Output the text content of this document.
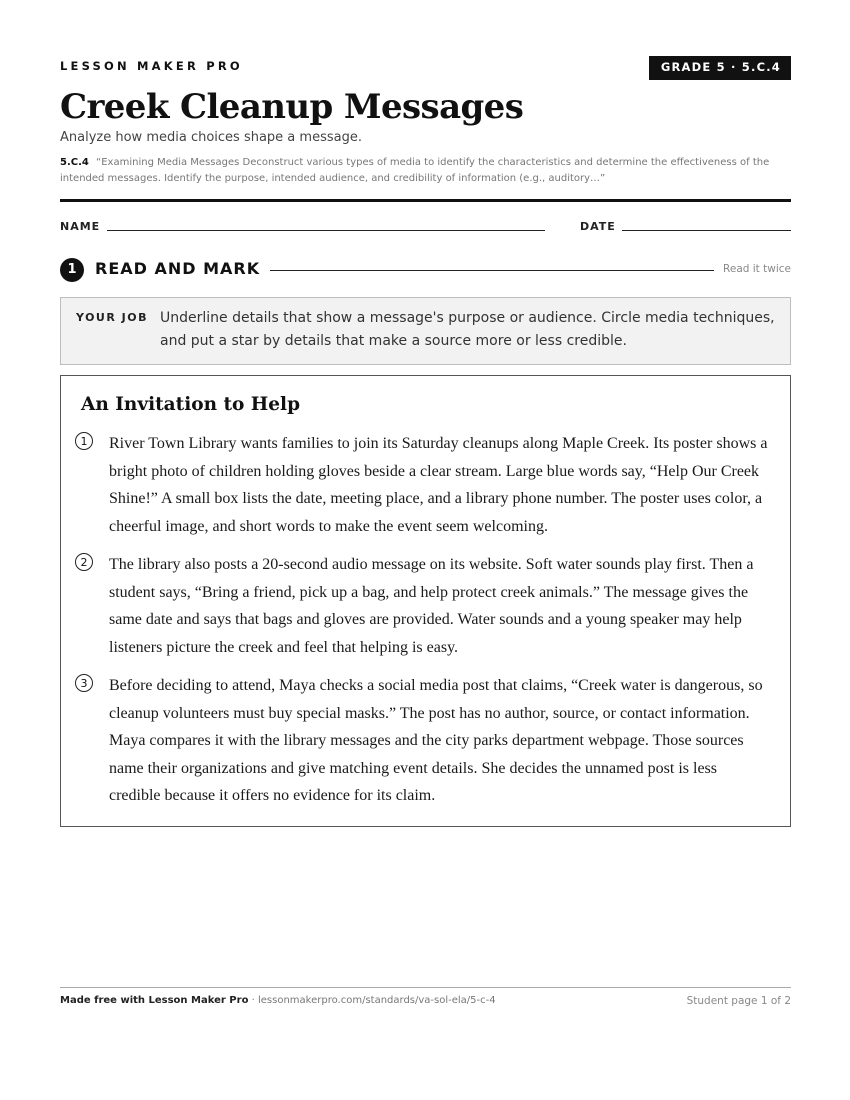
LESSON MAKER PRO	GRADE 5 · 5.C.4
Creek Cleanup Messages
Analyze how media choices shape a message.
5.C.4 “Examining Media Messages Deconstruct various types of media to identify the characteristics and determine the effectiveness of the intended messages. Identify the purpose, intended audience, and credibility of information (e.g., auditory…”
NAME	DATE
1	READ AND MARK	Read it twice
YOUR JOB Underline details that show a message's purpose or audience. Circle media techniques, and put a star by details that make a source more or less credible.
An Invitation to Help
1	River Town Library wants families to join its Saturday cleanups along Maple Creek. Its poster shows a bright photo of children holding gloves beside a clear stream. Large blue words say, “Help Our Creek Shine!” A small box lists the date, meeting place, and a library phone number. The poster uses color, a cheerful image, and short words to make the event seem welcoming.
2	The library also posts a 20-second audio message on its website. Soft water sounds play first. Then a student says, “Bring a friend, pick up a bag, and help protect creek animals.” The message gives the same date and says that bags and gloves are provided. Water sounds and a young speaker may help listeners picture the creek and feel that helping is easy.
3	Before deciding to attend, Maya checks a social media post that claims, “Creek water is dangerous, so cleanup volunteers must buy special masks.” The post has no author, source, or contact information. Maya compares it with the library messages and the city parks department webpage. Those sources name their organizations and give matching event details. She decides the unnamed post is less credible because it offers no evidence for its claim.
Made free with Lesson Maker Pro · lessonmakerpro.com/standards/va-sol-ela/5-c-4	Student page 1 of 2
